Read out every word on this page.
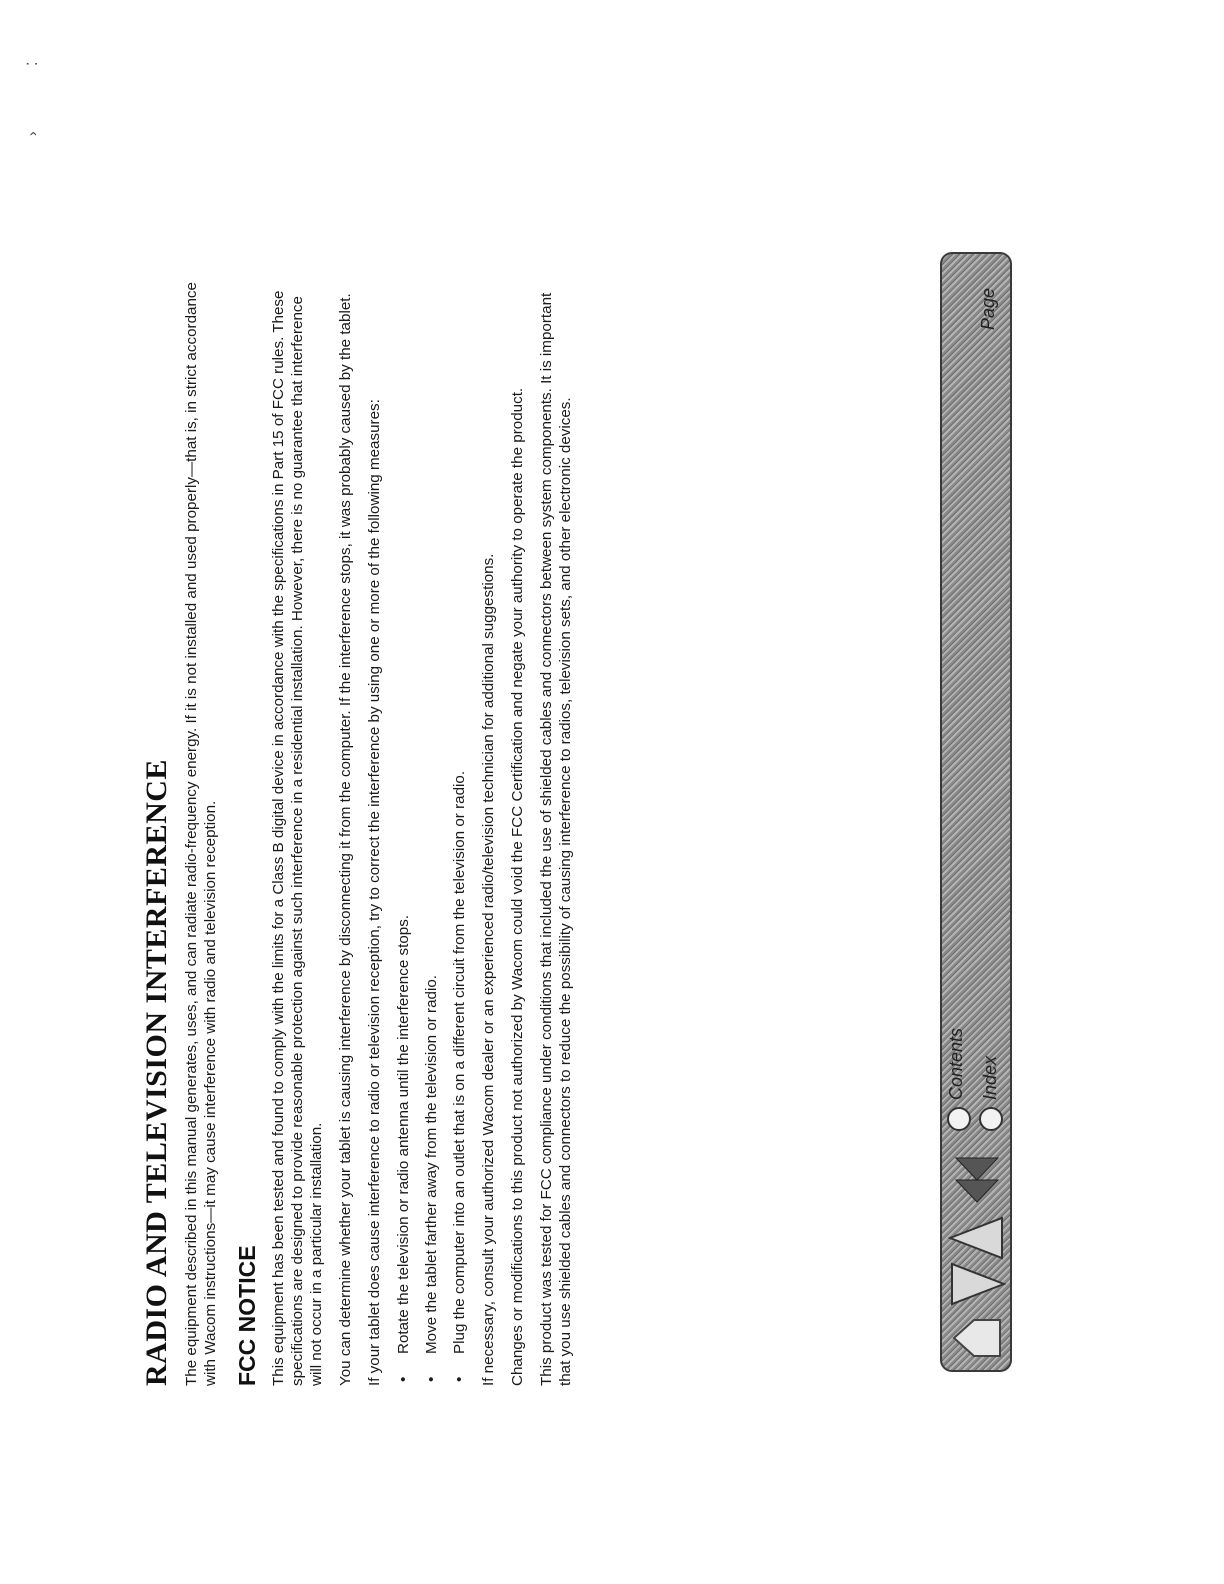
⁚
›
RADIO AND TELEVISION INTERFERENCE The equipment described in this manual generates, uses, and can radiate radio-frequency energy. If it is not installed and used properly—that is, in strict accordance with Wacom instructions—it may cause interference with radio and television reception. FCC NOTICE This equipment has been tested and found to comply with the limits for a Class B digital device in accordance with the specifications in Part 15 of FCC rules. These specifications are designed to provide reasonable protection against such interference in a residential installation. However, there is no guarantee that interference will not occur in a particular installation. You can determine whether your tablet is causing interference by disconnecting it from the computer. If the interference stops, it was probably caused by the tablet. If your tablet does cause interference to radio or television reception, try to correct the interference by using one or more of the following measures: • Rotate the television or radio antenna until the interference stops. • Move the tablet farther away from the television or radio. • Plug the computer into an outlet that is on a different circuit from the television or radio. If necessary, consult your authorized Wacom dealer or an experienced radio/television technician for additional suggestions. Changes or modifications to this product not authorized by Wacom could void the FCC Certification and negate your authority to operate the product. This product was tested for FCC compliance under conditions that included the use of shielded cables and connectors between system components. It is important that you use shielded cables and connectors to reduce the possibility of causing interference to radios, television sets, and other electronic devices.	Contents Index
Page
